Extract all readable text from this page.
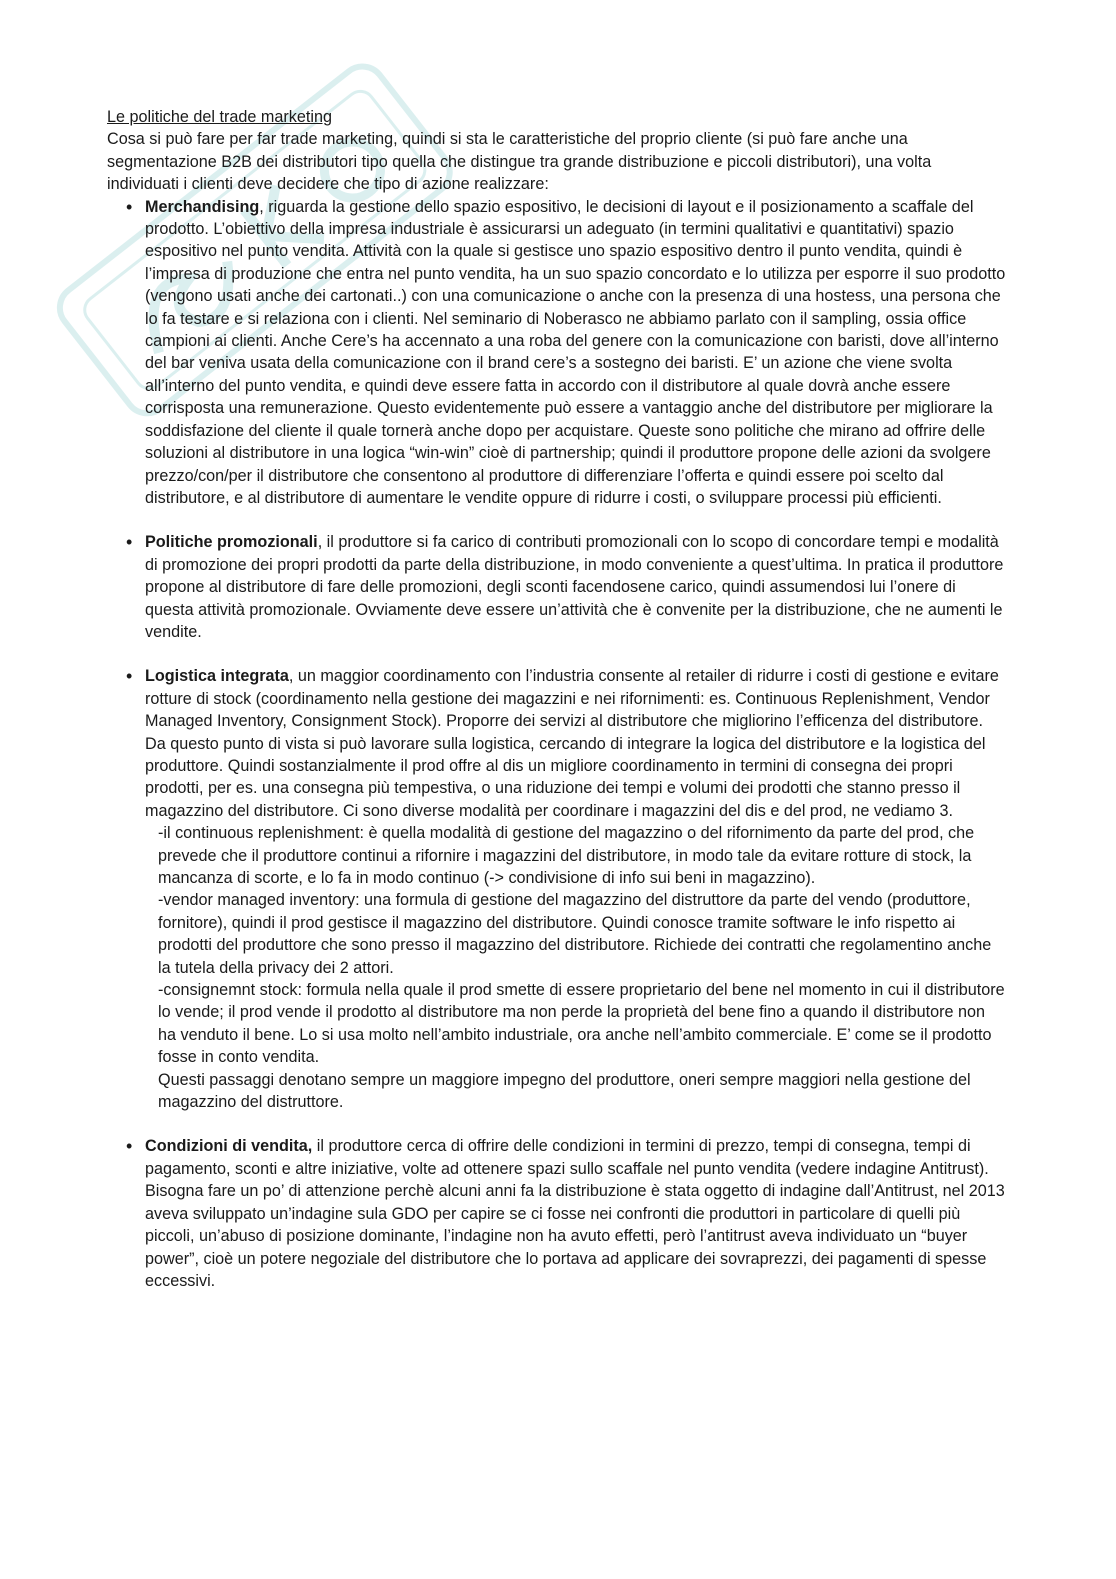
Le politiche del trade marketing

Cosa si può fare per far trade marketing, quindi si sta le caratteristiche del proprio cliente (si può fare anche una segmentazione B2B dei distributori tipo quella che distingue tra grande distribuzione e piccoli distributori), una volta individuati i clienti deve decidere che tipo di azione realizzare:

• Merchandising, riguarda la gestione dello spazio espositivo, le decisioni di layout e il posizionamento a scaffale del prodotto. L’obiettivo della impresa industriale è assicurarsi un adeguato (in termini qualitativi e quantitativi) spazio espositivo nel punto vendita. Attività con la quale si gestisce uno spazio espositivo dentro il punto vendita, quindi è l’impresa di produzione che entra nel punto vendita, ha un suo spazio concordato e lo utilizza per esporre il suo prodotto (vengono usati anche dei cartonati..) con una comunicazione o anche con la presenza di una hostess, una persona che lo fa testare e si relaziona con i clienti. Nel seminario di Noberasco ne abbiamo parlato con il sampling, ossia office campioni ai clienti. Anche Cere’s ha accennato a una roba del genere con la comunicazione con baristi, dove all’interno del bar veniva usata della comunicazione con il brand cere’s a sostegno dei baristi. E’ un azione che viene svolta all’interno del punto vendita, e quindi deve essere fatta in accordo con il distributore al quale dovrà anche essere corrisposta una remunerazione. Questo evidentemente può essere a vantaggio anche del distributore per migliorare la soddisfazione del cliente il quale tornerà anche dopo per acquistare. Queste sono politiche che mirano ad offrire delle soluzioni al distributore in una logica “win-win” cioè di partnership; quindi il produttore propone delle azioni da svolgere prezzo/con/per il distributore che consentono al produttore di differenziare l’offerta e quindi essere poi scelto dal distributore, e al distributore di aumentare le vendite oppure di ridurre i costi, o sviluppare processi più efficienti.
• Politiche promozionali, il produttore si fa carico di contributi promozionali con lo scopo di concordare tempi e modalità di promozione dei propri prodotti da parte della distribuzione, in modo conveniente a quest’ultima. In pratica il produttore propone al distributore di fare delle promozioni, degli sconti facendosene carico, quindi assumendosi lui l’onere di questa attività promozionale. Ovviamente deve essere un’attività che è convenite per la distribuzione, che ne aumenti le vendite.
• Logistica integrata, un maggior coordinamento con l’industria consente al retailer di ridurre i costi di gestione e evitare rotture di stock (coordinamento nella gestione dei magazzini e nei rifornimenti: es. Continuous Replenishment, Vendor Managed Inventory, Consignment Stock). Proporre dei servizi al distributore che migliorino l’efficenza del distributore. Da questo punto di vista si può lavorare sulla logistica, cercando di integrare la logica del distributore e la logistica del produttore. Quindi sostanzialmente il prod offre al dis un migliore coordinamento in termini di consegna dei propri prodotti, per es. una consegna più tempestiva, o una riduzione dei tempi e volumi dei prodotti che stanno presso il magazzino del distributore. Ci sono diverse modalità per coordinare i magazzini del dis e del prod, ne vediamo 3.
-il continuous replenishment: è quella modalità di gestione del magazzino o del rifornimento da parte del prod, che prevede che il produttore continui a rifornire i magazzini del distributore, in modo tale da evitare rotture di stock, la mancanza di scorte, e lo fa in modo continuo (-> condivisione di info sui beni in magazzino).
-vendor managed inventory: una formula di gestione del magazzino del distruttore da parte del vendo (produttore, fornitore), quindi il prod gestisce il magazzino del distributore. Quindi conosce tramite software le info rispetto ai prodotti del produttore che sono presso il magazzino del distributore. Richiede dei contratti che regolamentino anche la tutela della privacy dei 2 attori.
-consignemnt stock: formula nella quale il prod smette di essere proprietario del bene nel momento in cui il distributore lo vende; il prod vende il prodotto al distributore ma non perde la proprietà del bene fino a quando il distributore non ha venduto il bene. Lo si usa molto nell’ambito industriale, ora anche nell’ambito commerciale. E’ come se il prodotto fosse in conto vendita.
Questi passaggi denotano sempre un maggiore impegno del produttore, oneri sempre maggiori nella gestione del magazzino del distruttore.
• Condizioni di vendita, il produttore cerca di offrire delle condizioni in termini di prezzo, tempi di consegna, tempi di pagamento, sconti e altre iniziative, volte ad ottenere spazi sullo scaffale nel punto vendita (vedere indagine Antitrust). Bisogna fare un po’ di attenzione perchè alcuni anni fa la distribuzione è stata oggetto di indagine dall’Antitrust, nel 2013 aveva sviluppato un’indagine sula GDO per capire se ci fosse nei confronti die produttori in particolare di quelli più piccoli, un’abuso di posizione dominante, l’indagine non ha avuto effetti, però l’antitrust aveva individuato un “buyer power”, cioè un potere negoziale del distributore che lo portava ad applicare dei sovraprezzi, dei pagamenti di spesse eccessivi.
